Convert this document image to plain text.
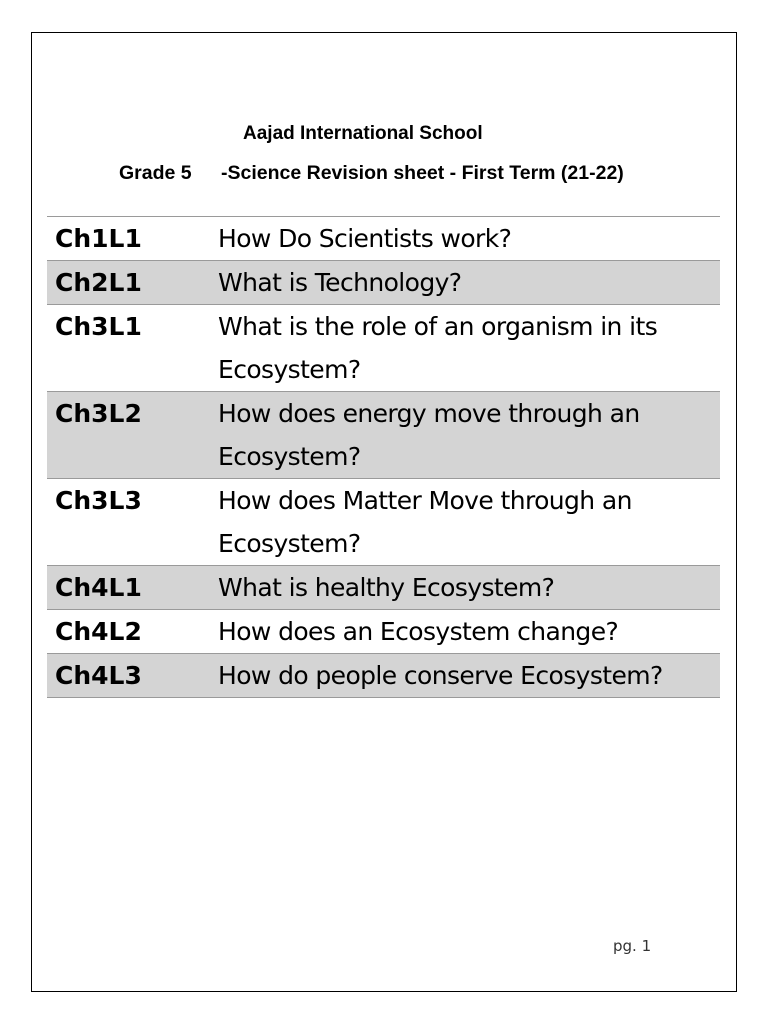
Aajad International School
Grade 5 -Science Revision sheet - First Term (21-22)
Ch1L1	How Do Scientists work?
Ch2L1	What is Technology?
Ch3L1	What is the role of an organism in its Ecosystem?
Ch3L2	How does energy move through an Ecosystem?
Ch3L3	How does Matter Move through an Ecosystem?
Ch4L1	What is healthy Ecosystem?
Ch4L2	How does an Ecosystem change?
Ch4L3	How do people conserve Ecosystem?
pg. 1
